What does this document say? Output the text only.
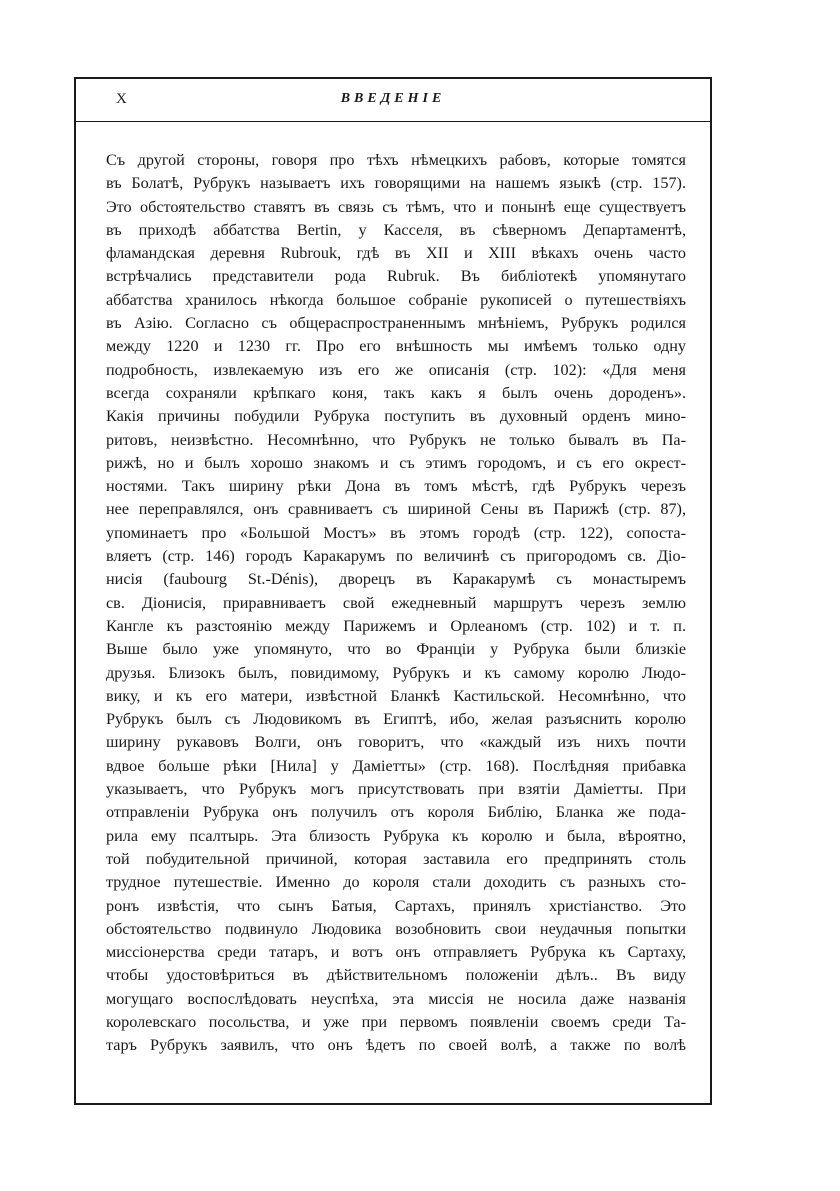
X	ВВЕДЕНІЕ
Съ другой стороны, говоря про тѣхъ нѣмецкихъ рабовъ, которые томятся
въ Болатѣ, Рубрукъ называетъ ихъ говорящими на нашемъ языкѣ (стр. 157).
Это обстоятельство ставятъ въ связь съ тѣмъ, что и понынѣ еще существуетъ
въ приходѣ аббатства Bertin, у Касселя, въ сѣверномъ Департаментѣ,
фламандская деревня Rubrouk, гдѣ въ XII и XIII вѣкахъ очень часто
встрѣчались представители рода Rubruk. Въ библіотекѣ упомянутаго
аббатства хранилось нѣкогда большое собраніе рукописей о путешествіяхъ
въ Азію. Согласно съ общераспространеннымъ мнѣніемъ, Рубрукъ родился
между 1220 и 1230 гг. Про его внѣшность мы имѣемъ только одну
подробность, извлекаемую изъ его же описанія (стр. 102): «Для меня
всегда сохраняли крѣпкаго коня, такъ какъ я былъ очень дороденъ».
Какія причины побудили Рубрука поступить въ духовный орденъ мино-
ритовъ, неизвѣстно. Несомнѣнно, что Рубрукъ не только бывалъ въ Па-
рижѣ, но и былъ хорошо знакомъ и съ этимъ городомъ, и съ его окрест-
ностями. Такъ ширину рѣки Дона въ томъ мѣстѣ, гдѣ Рубрукъ черезъ
нее переправлялся, онъ сравниваетъ съ шириной Сены въ Парижѣ (стр. 87),
упоминаетъ про «Большой Мостъ» въ этомъ городѣ (стр. 122), сопоста-
вляетъ (стр. 146) городъ Каракарумъ по величинѣ съ пригородомъ св. Діо-
нисія (faubourg St.-Dénis), дворецъ въ Каракарумѣ съ монастыремъ
св. Діонисія, приравниваетъ свой ежедневный маршрутъ черезъ землю
Кангле къ разстоянію между Парижемъ и Орлеаномъ (стр. 102) и т. п.
Выше было уже упомянуто, что во Франціи у Рубрука были близкіе
друзья. Близокъ былъ, повидимому, Рубрукъ и къ самому королю Людо-
вику, и къ его матери, извѣстной Бланкѣ Кастильской. Несомнѣнно, что
Рубрукъ былъ съ Людовикомъ въ Египтѣ, ибо, желая разъяснить королю
ширину рукавовъ Волги, онъ говоритъ, что «каждый изъ нихъ почти
вдвое больше рѣки [Нила] у Даміетты» (стр. 168). Послѣдняя прибавка
указываетъ, что Рубрукъ могъ присутствовать при взятіи Даміетты. При
отправленіи Рубрука онъ получилъ отъ короля Библію, Бланка же пода-
рила ему псалтырь. Эта близость Рубрука къ королю и была, вѣроятно,
той побудительной причиной, которая заставила его предпринять столь
трудное путешествіе. Именно до короля стали доходить съ разныхъ сто-
ронъ извѣстія, что сынъ Батыя, Сартахъ, принялъ христіанство. Это
обстоятельство подвинуло Людовика возобновить свои неудачныя попытки
миссіонерства среди татаръ, и вотъ онъ отправляетъ Рубрука къ Сартаху,
чтобы удостовѣриться въ дѣйствительномъ положеніи дѣлъ.. Въ виду
могущаго воспослѣдовать неуспѣха, эта миссія не носила даже названія
королевскаго посольства, и уже при первомъ появленіи своемъ среди Та-
таръ Рубрукъ заявилъ, что онъ ѣдетъ по своей волѣ, а также по волѣ
